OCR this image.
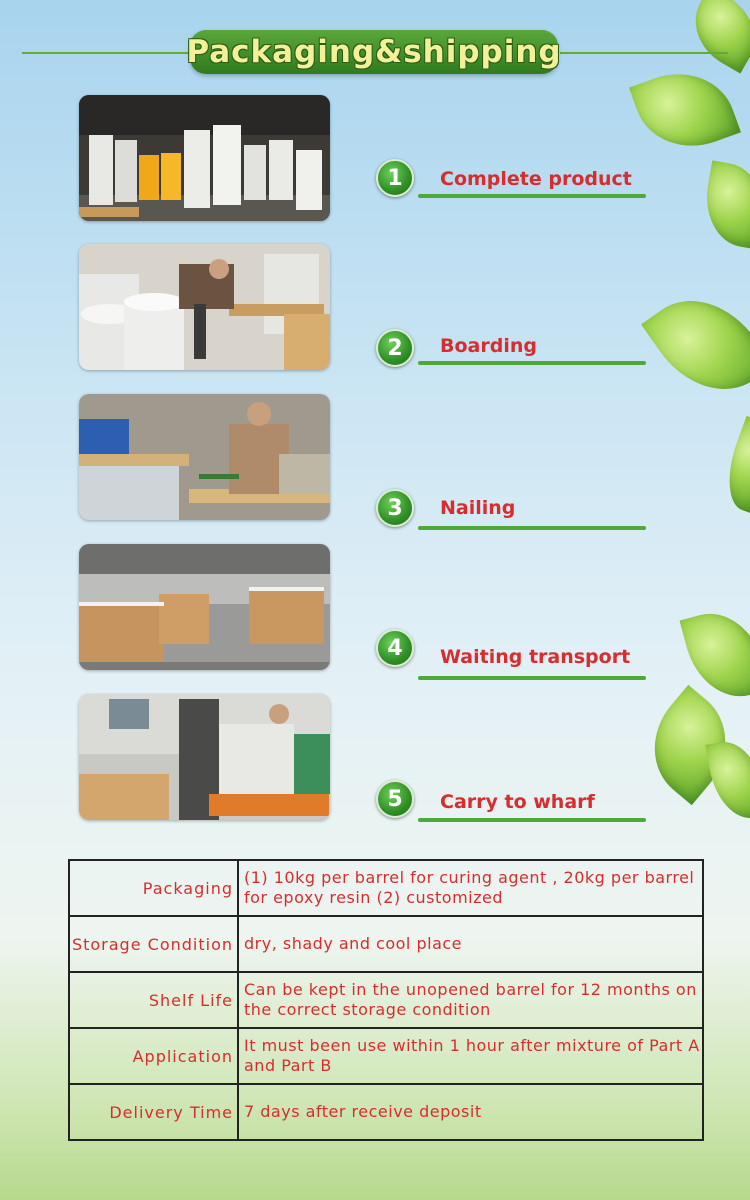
Packaging&shipping
1	Complete product
2	Boarding
3	Nailing
4	Waiting transport
5	Carry to wharf
Packaging	(1) 10kg per barrel for curing agent , 20kg per barrel for epoxy resin (2) customized
Storage Condition	dry, shady and cool place
Shelf Life	Can be kept in the unopened barrel for 12 months on the correct storage condition
Application	It must been use within 1 hour after mixture of Part A and Part B
Delivery Time	7 days after receive deposit
